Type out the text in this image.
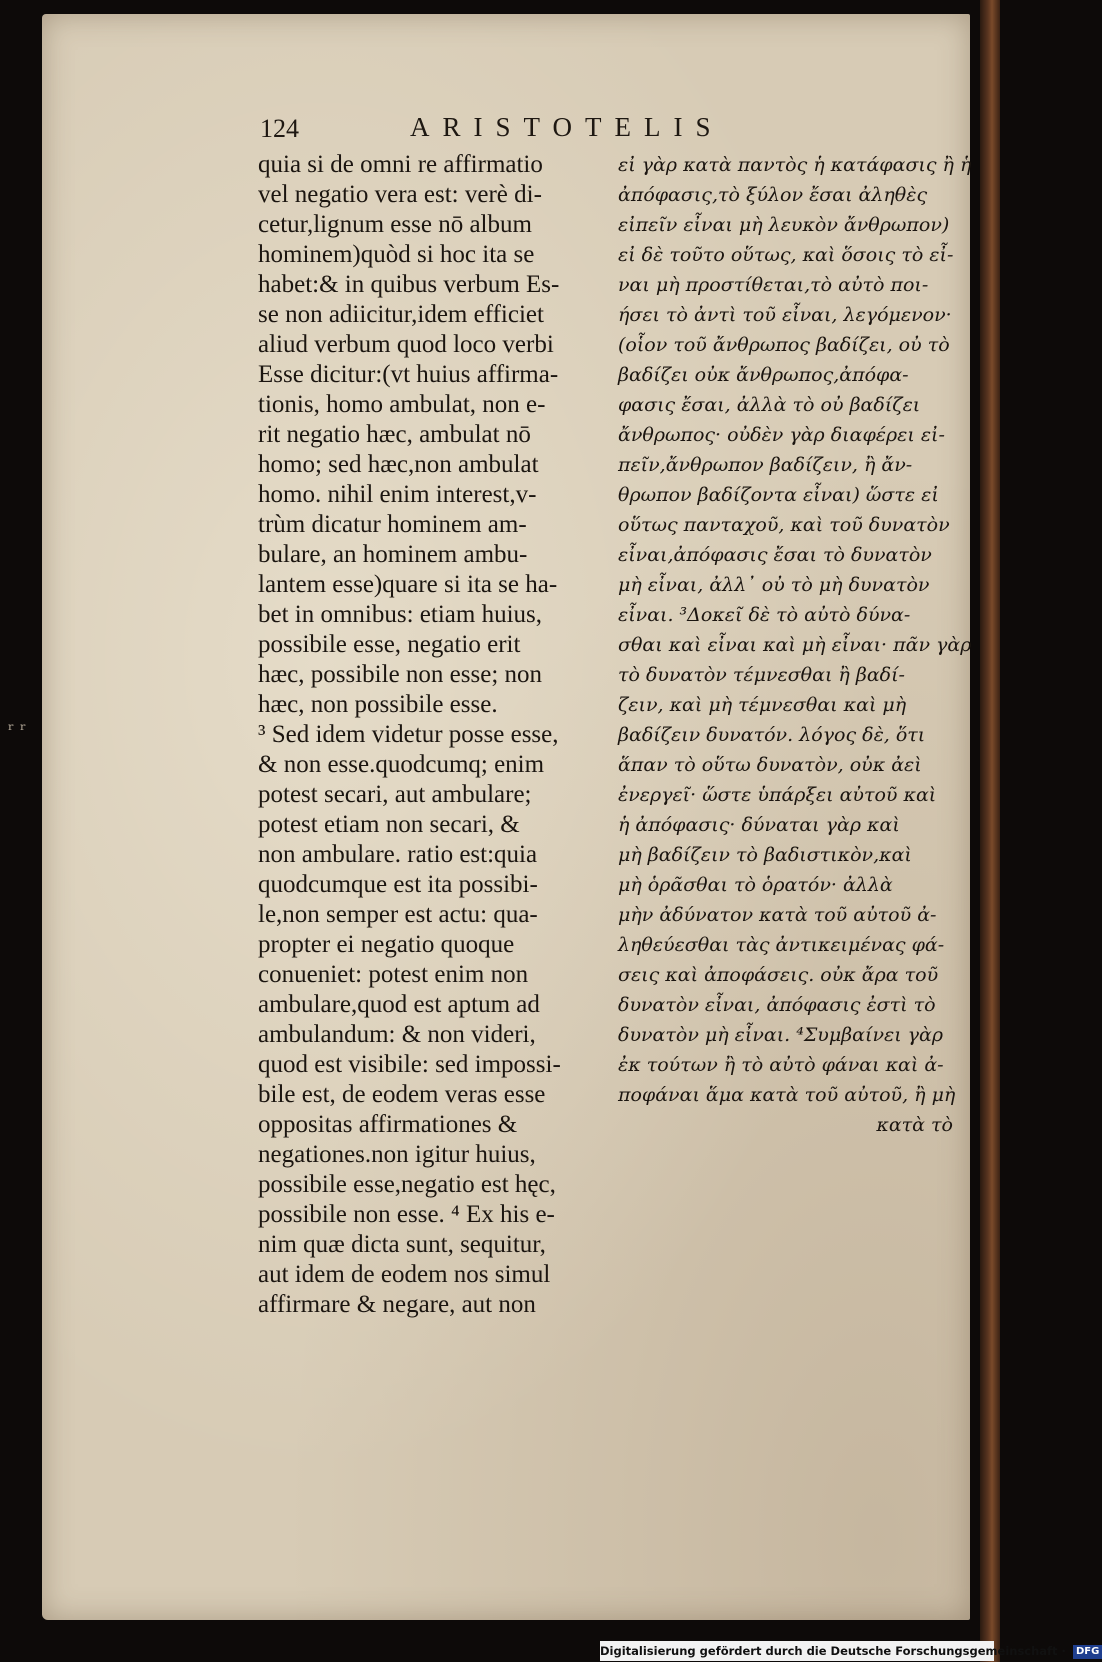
ʳ ʳ
124	ARISTOTELIS
quia si de omni re affirmatio
vel negatio vera est: verè di-
cetur,lignum esse nō album
hominem)quòd si hoc ita se
habet:& in quibus verbum Es-
se non adiicitur,idem efficiet
aliud verbum quod loco verbi
Esse dicitur:(vt huius affirma-
tionis, homo ambulat, non e-
rit negatio hæc, ambulat nō
homo; sed hæc,non ambulat
homo. nihil enim interest,v-
trùm dicatur hominem am-
bulare, an hominem ambu-
lantem esse)quare si ita se ha-
bet in omnibus: etiam huius,
possibile esse, negatio erit
hæc, possibile non esse; non
hæc, non possibile esse.
³ Sed idem videtur posse esse,
& non esse.quodcumq; enim
potest secari, aut ambulare;
potest etiam non secari, &
non ambulare. ratio est:quia
quodcumque est ita possibi-
le,non semper est actu: qua-
propter ei negatio quoque
conueniet: potest enim non
ambulare,quod est aptum ad
ambulandum: & non videri,
quod est visibile: sed impossi-
bile est, de eodem veras esse
oppositas affirmationes &
negationes.non igitur huius,
possibile esse,negatio est hęc,
possibile non esse. ⁴ Ex his e-
nim quæ dicta sunt, sequitur,
aut idem de eodem nos simul
affirmare & negare, aut non
εἰ γὰρ κατὰ παντὸς ἡ κατάφασις ἢ ἡ
ἀπόφασις,τὸ ξύλον ἔσαι ἀληθὲς
εἰπεῖν εἶναι μὴ λευκὸν ἄνθρωπον)
εἰ δὲ τοῦτο οὕτως, καὶ ὅσοις τὸ εἶ-
ναι μὴ προστίθεται,τὸ αὐτὸ ποι-
ήσει τὸ ἀντὶ τοῦ εἶναι, λεγόμενον·
(οἷον τοῦ ἄνθρωπος βαδίζει, οὐ τὸ
βαδίζει οὐκ ἄνθρωπος,ἀπόφα-
φασις ἔσαι, ἀλλὰ τὸ οὐ βαδίζει
ἄνθρωπος· οὐδὲν γὰρ διαφέρει εἰ-
πεῖν,ἄνθρωπον βαδίζειν, ἢ ἄν-
θρωπον βαδίζοντα εἶναι) ὥστε εἰ
οὕτως πανταχοῦ, καὶ τοῦ δυνατὸν
εἶναι,ἀπόφασις ἔσαι τὸ δυνατὸν
μὴ εἶναι, ἀλλ᾽ οὐ τὸ μὴ δυνατὸν
εἶναι. ³Δοκεῖ δὲ τὸ αὐτὸ δύνα-
σθαι καὶ εἶναι καὶ μὴ εἶναι· πᾶν γὰρ
τὸ δυνατὸν τέμνεσθαι ἢ βαδί-
ζειν, καὶ μὴ τέμνεσθαι καὶ μὴ
βαδίζειν δυνατόν. λόγος δὲ, ὅτι
ἅπαν τὸ οὕτω δυνατὸν, οὐκ ἀεὶ
ἐνεργεῖ· ὥστε ὑπάρξει αὐτοῦ καὶ
ἡ ἀπόφασις· δύναται γὰρ καὶ
μὴ βαδίζειν τὸ βαδιστικὸν,καὶ
μὴ ὁρᾶσθαι τὸ ὁρατόν· ἀλλὰ
μὴν ἀδύνατον κατὰ τοῦ αὐτοῦ ἀ-
ληθεύεσθαι τὰς ἀντικειμένας φά-
σεις καὶ ἀποφάσεις. οὐκ ἄρα τοῦ
δυνατὸν εἶναι, ἀπόφασις ἐστὶ τὸ
δυνατὸν μὴ εἶναι. ⁴Συμβαίνει γὰρ
ἐκ τούτων ἢ τὸ αὐτὸ φάναι καὶ ἀ-
ποφάναι ἅμα κατὰ τοῦ αὐτοῦ, ἢ μὴ
κατὰ τὸ
Digitalisierung gefördert durch die Deutsche Forschungsgemeinschaft · DFG
